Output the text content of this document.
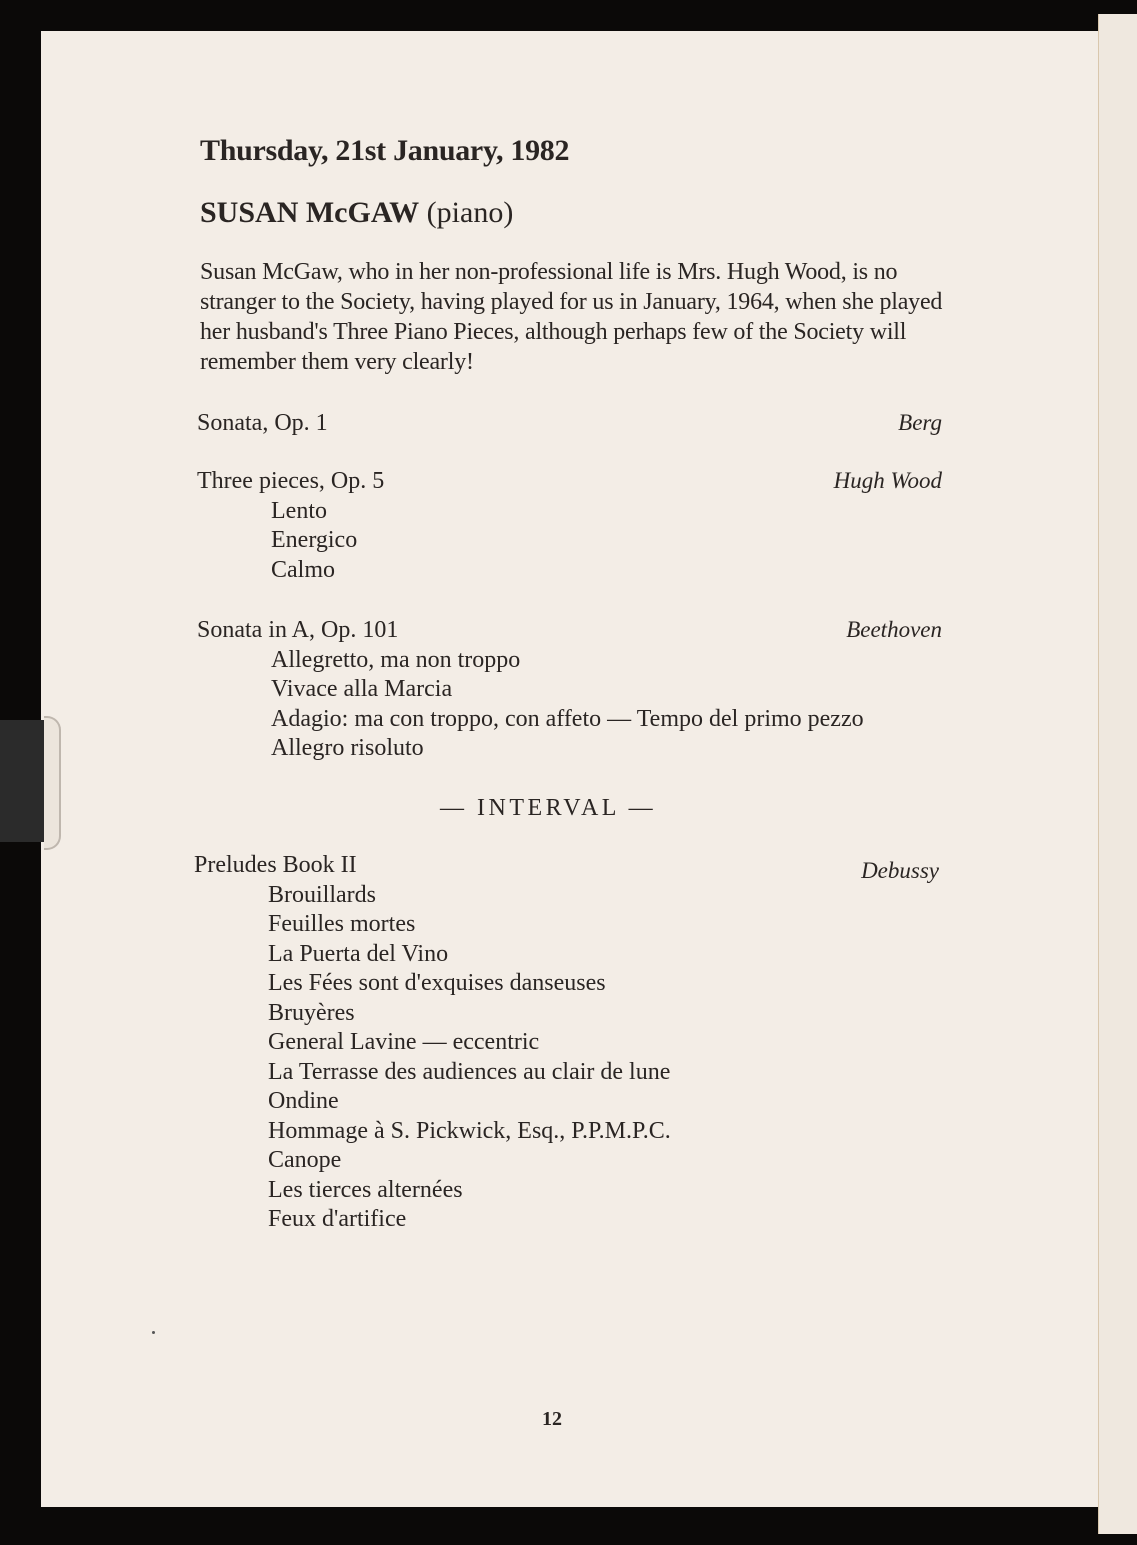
Thursday, 21st January, 1982
SUSAN McGAW (piano)
Susan McGaw, who in her non-professional life is Mrs. Hugh Wood, is no stranger to the Society, having played for us in January, 1964, when she played her husband's Three Piano Pieces, although perhaps few of the Society will remember them very clearly!
Sonata, Op. 1	Berg
Three pieces, Op. 5	Hugh Wood
Lento
Energico
Calmo
Sonata in A, Op. 101	Beethoven
Allegretto, ma non troppo
Vivace alla Marcia
Adagio: ma con troppo, con affeto — Tempo del primo pezzo
Allegro risoluto
— INTERVAL —
Preludes Book II	Debussy
Brouillards
Feuilles mortes
La Puerta del Vino
Les Fées sont d'exquises danseuses
Bruyères
General Lavine — eccentric
La Terrasse des audiences au clair de lune
Ondine
Hommage à S. Pickwick, Esq., P.P.M.P.C.
Canope
Les tierces alternées
Feux d'artifice
12
